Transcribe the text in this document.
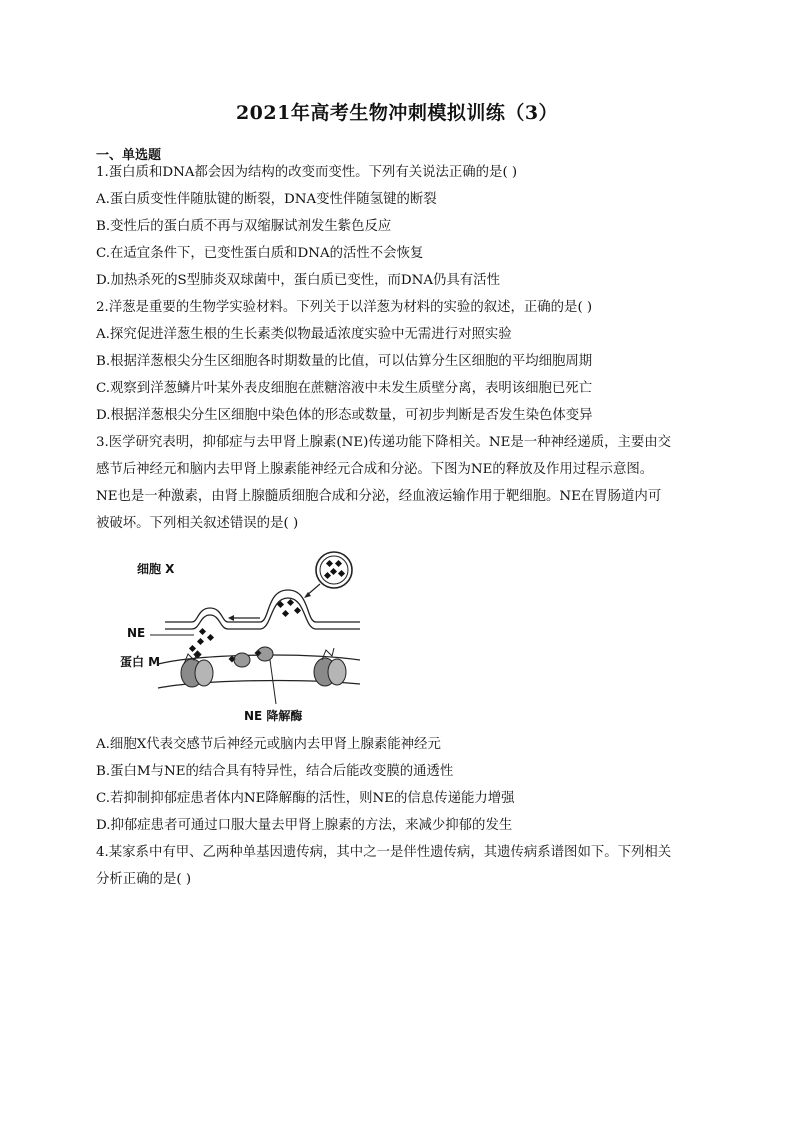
2021年高考生物冲刺模拟训练（3）
一、单选题
1.蛋白质和DNA都会因为结构的改变而变性。下列有关说法正确的是( )
A.蛋白质变性伴随肽键的断裂，DNA变性伴随氢键的断裂
B.变性后的蛋白质不再与双缩脲试剂发生紫色反应
C.在适宜条件下，已变性蛋白质和DNA的活性不会恢复
D.加热杀死的S型肺炎双球菌中，蛋白质已变性，而DNA仍具有活性
2.洋葱是重要的生物学实验材料。下列关于以洋葱为材料的实验的叙述，正确的是( )
A.探究促进洋葱生根的生长素类似物最适浓度实验中无需进行对照实验
B.根据洋葱根尖分生区细胞各时期数量的比值，可以估算分生区细胞的平均细胞周期
C.观察到洋葱鳞片叶某外表皮细胞在蔗糖溶液中未发生质壁分离，表明该细胞已死亡
D.根据洋葱根尖分生区细胞中染色体的形态或数量，可初步判断是否发生染色体变异
3.医学研究表明，抑郁症与去甲肾上腺素(NE)传递功能下降相关。NE是一种神经递质，主要由交
感节后神经元和脑内去甲肾上腺素能神经元合成和分泌。下图为NE的释放及作用过程示意图。
NE也是一种激素，由肾上腺髓质细胞合成和分泌，经血液运输作用于靶细胞。NE在胃肠道内可
被破坏。下列相关叙述错误的是( )
细胞 X
NE
蛋白 M
NE 降解酶
A.细胞X代表交感节后神经元或脑内去甲肾上腺素能神经元
B.蛋白M与NE的结合具有特异性，结合后能改变膜的通透性
C.若抑制抑郁症患者体内NE降解酶的活性，则NE的信息传递能力增强
D.抑郁症患者可通过口服大量去甲肾上腺素的方法，来减少抑郁的发生
4.某家系中有甲、乙两种单基因遗传病，其中之一是伴性遗传病，其遗传病系谱图如下。下列相关
分析正确的是( )
